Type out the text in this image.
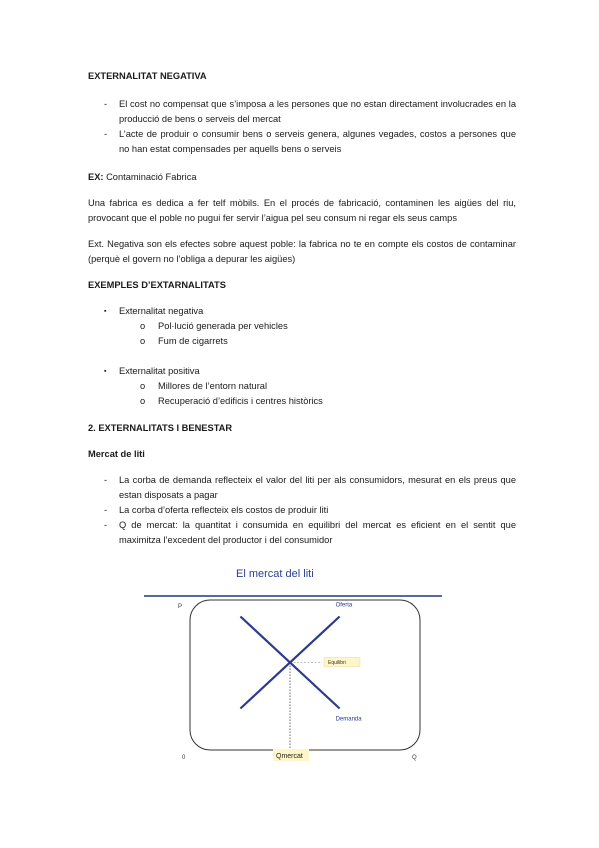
EXTERNALITAT NEGATIVA
- El cost no compensat que s’imposa a les persones que no estan directament involucrades en la producció de bens o serveis del mercat
- L’acte de produir o consumir bens o serveis genera, algunes vegades, costos a persones que no han estat compensades per aquells bens o serveis
EX: Contaminació Fabrica
Una fabrica es dedica a fer telf mòbils. En el procés de fabricació, contaminen les aigües del riu, provocant que el poble no pugui fer servir l’aigua pel seu consum ni regar els seus camps
Ext. Negativa son els efectes sobre aquest poble: la fabrica no te en compte els costos de contaminar (perquè el govern no l’obliga a depurar les aigües)
EXEMPLES D’EXTARNALITATS
▪ Externalitat negativa
o Pol·lució generada per vehicles
o Fum de cigarrets
▪ Externalitat positiva
o Millores de l’entorn natural
o Recuperació d’edificis i centres històrics
2. EXTERNALITATS I BENESTAR
Mercat de liti
- La corba de demanda reflecteix el valor del liti per als consumidors, mesurat en els preus que estan disposats a pagar
- La corba d’oferta reflecteix els costos de produir liti
- Q de mercat: la quantitat i consumida en equilibri del mercat es eficient en el sentit que maximitza l’excedent del productor i del consumidor
El mercat del liti
P
0	Q
Oferta
Demanda
Equilibri
Qmercat
